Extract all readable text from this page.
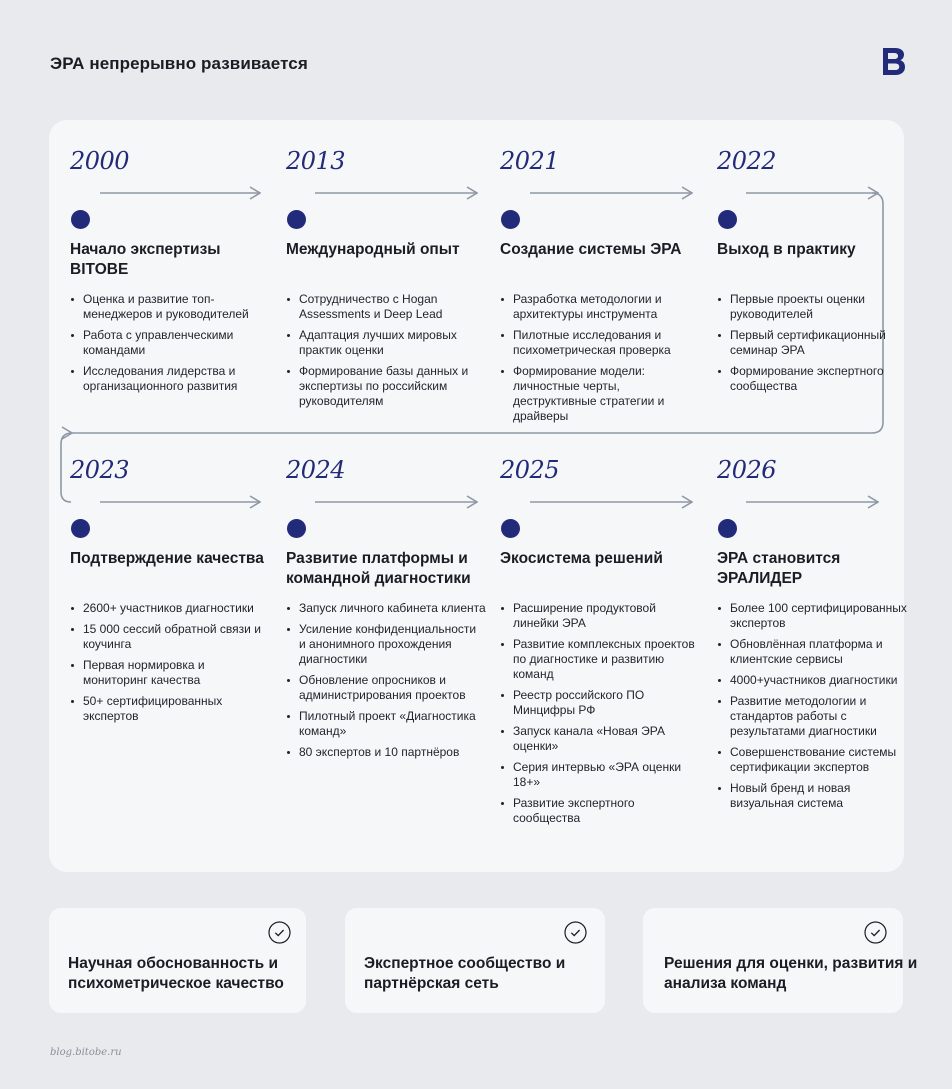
ЭРА непрерывно развивается
2000
Начало экспертизы BITOBE
Оценка и развитие топ-менеджеров и руководителей
Работа с управленческими командами
Исследования лидерства и организационного развития
2013
Международный опыт
Сотрудничество с Hogan Assessments и Deep Lead
Адаптация лучших мировых практик оценки
Формирование базы данных и экспертизы по российским руководителям
2021
Создание системы ЭРА
Разработка методологии и архитектуры инструмента
Пилотные исследования и психометрическая проверка
Формирование модели: личностные черты, деструктивные стратегии и драйверы
2022
Выход в практику
Первые проекты оценки руководителей
Первый сертификационный семинар ЭРА
Формирование экспертного сообщества
2023
Подтверждение качества
2600+ участников диагностики
15 000 сессий обратной связи и коучинга
Первая нормировка и мониторинг качества
50+ сертифицированных экспертов
2024
Развитие платформы и командной диагностики
Запуск личного кабинета клиента
Усиление конфиденциальности и анонимного прохождения диагностики
Обновление опросников и администрирования проектов
Пилотный проект «Диагностика команд»
80 экспертов и 10 партнёров
2025
Экосистема решений
Расширение продуктовой линейки ЭРА
Развитие комплексных проектов по диагностике и развитию команд
Реестр российского ПО Минцифры РФ
Запуск канала «Новая ЭРА оценки»
Серия интервью «ЭРА оценки 18+»
Развитие экспертного сообщества
2026
ЭРА становится ЭРАЛИДЕР
Более 100 сертифицированных экспертов
Обновлённая платформа и клиентские сервисы
4000+участников диагностики
Развитие методологии и стандартов работы с результатами диагностики
Совершенствование системы сертификации экспертов
Новый бренд и новая визуальная система
Научная обоснованность и психометрическое качество
Экспертное сообщество и партнёрская сеть
Решения для оценки, развития и анализа команд
blog.bitobe.ru
